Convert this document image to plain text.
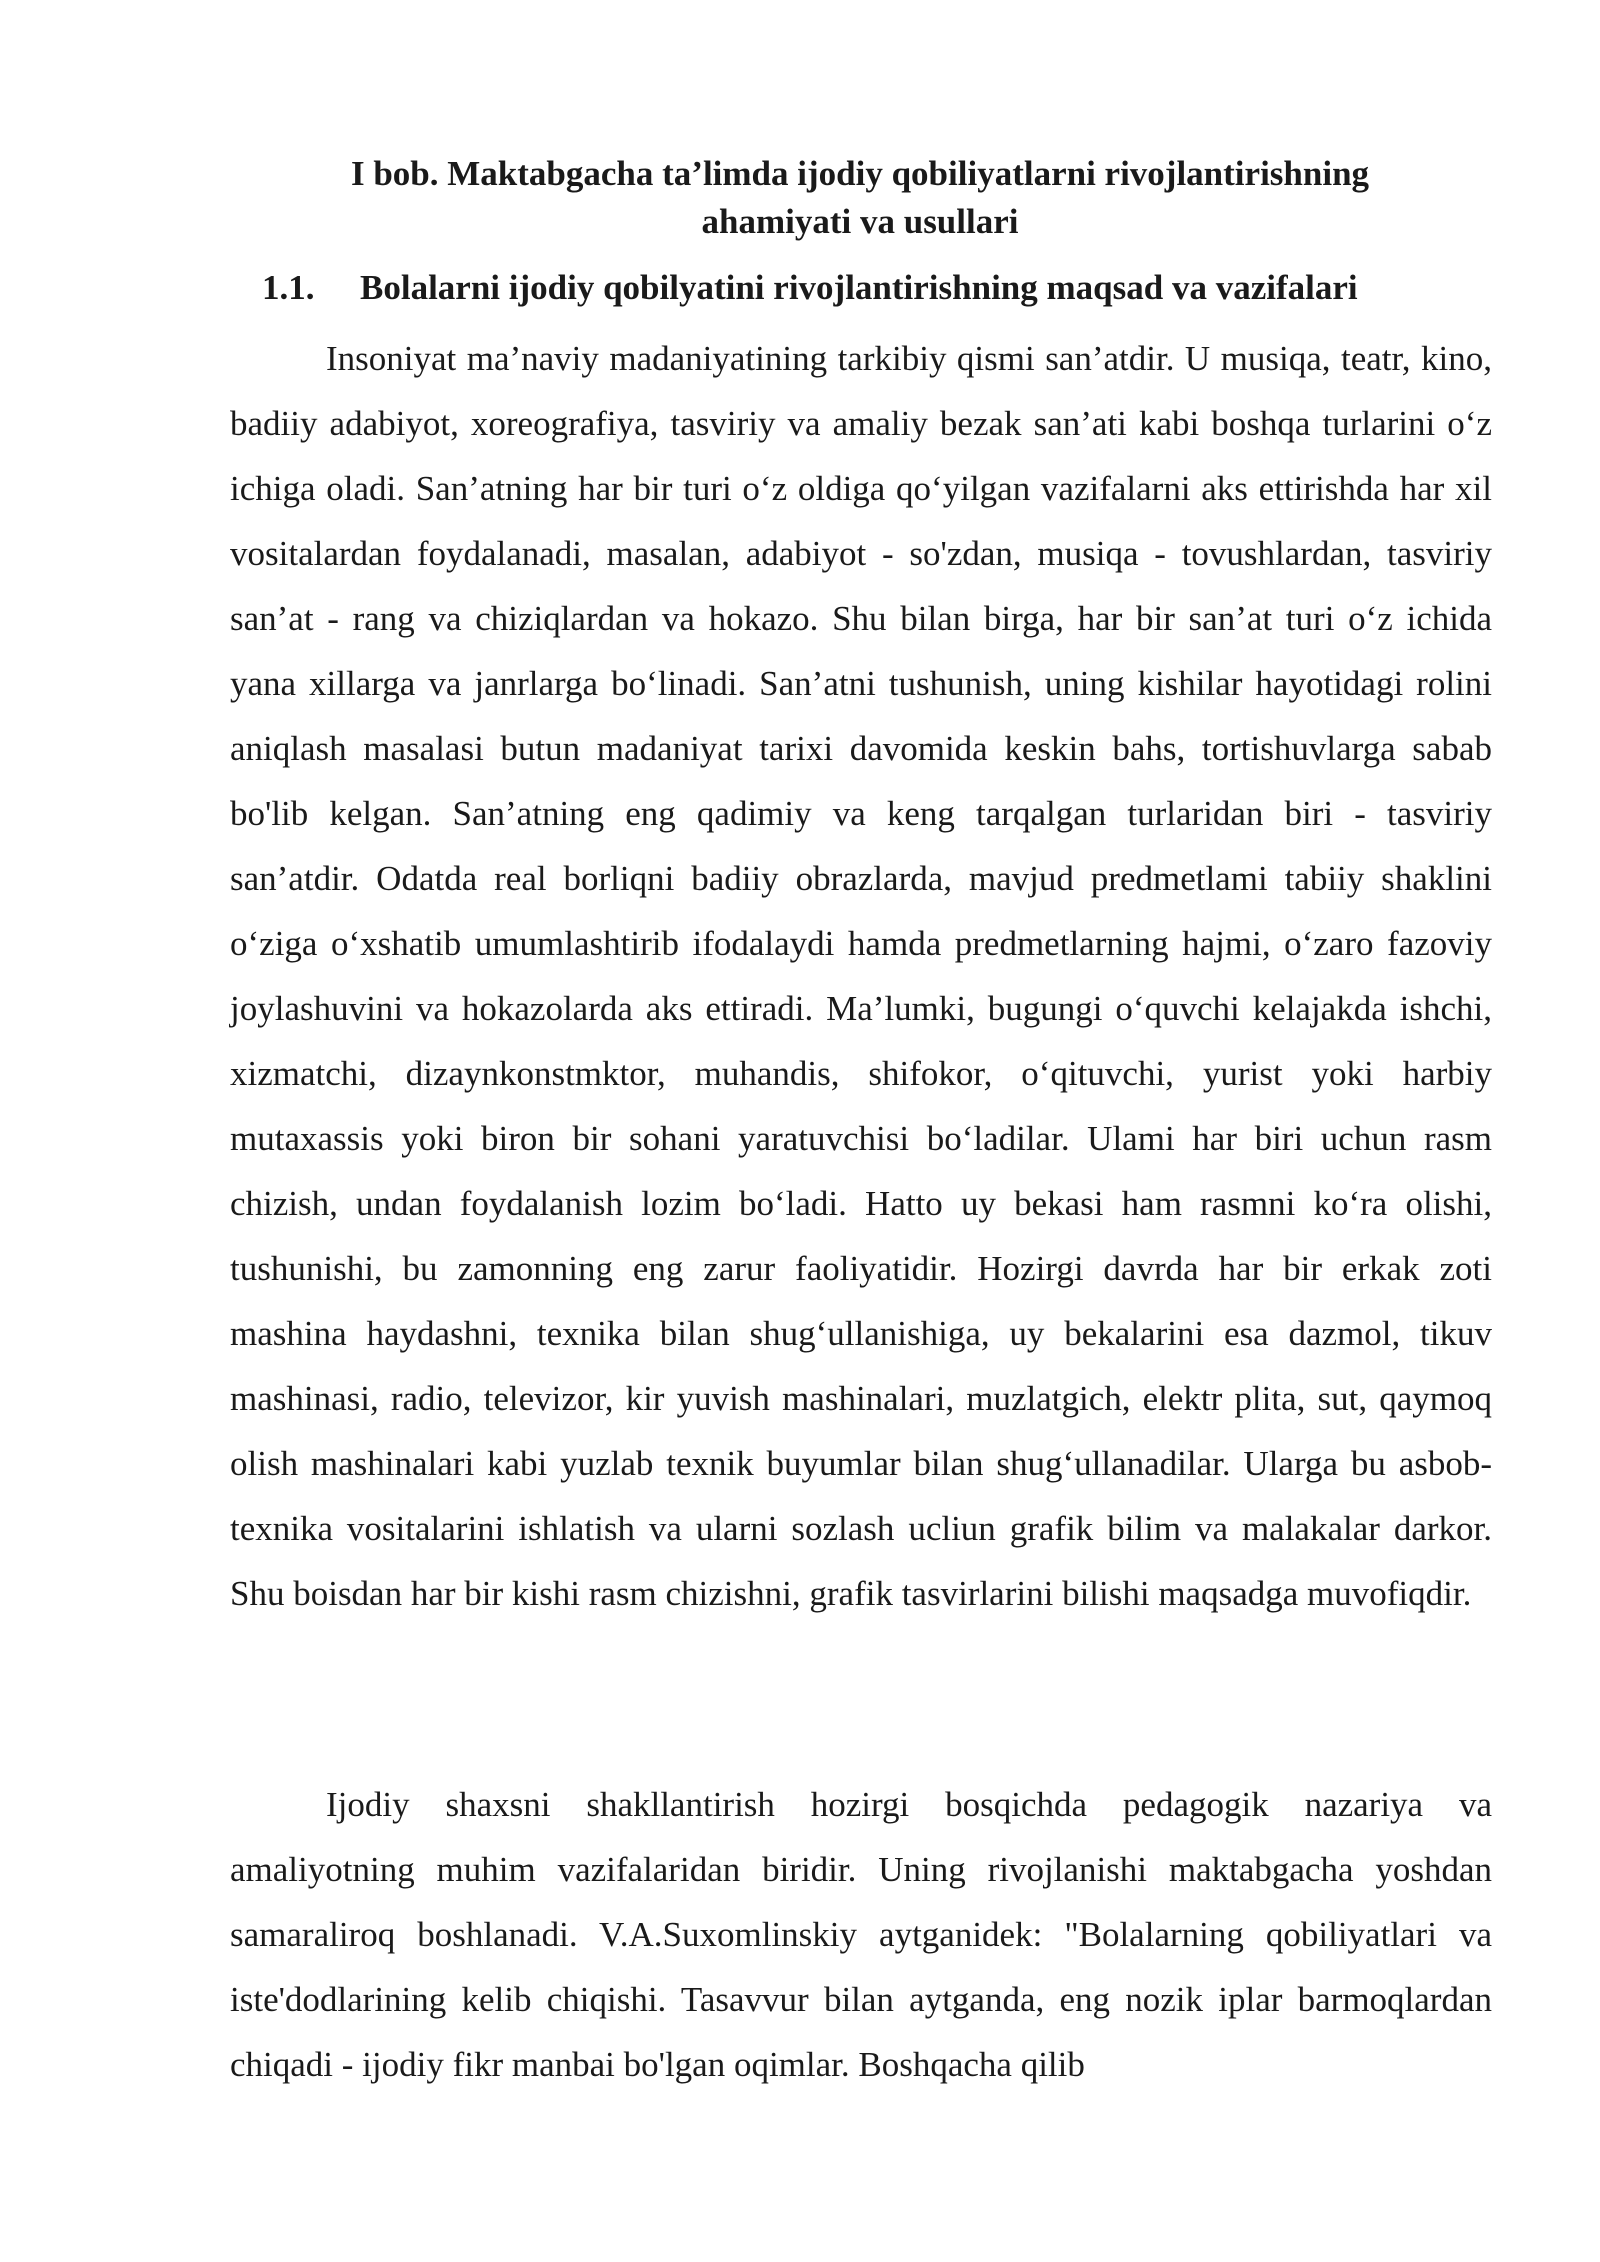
I bob. Maktabgacha ta’limda ijodiy qobiliyatlarni rivojlantirishning
ahamiyati va usullari
1.1. Bolalarni ijodiy qobilyatini rivojlantirishning maqsad va vazifalari

Insoniyat ma’naviy madaniyatining tarkibiy qismi san’atdir. U musiqa, teatr, kino, badiiy adabiyot, xoreografiya, tasviriy va amaliy bezak san’ati kabi boshqa turlarini o‘z ichiga oladi. San’atning har bir turi o‘z oldiga qo‘yilgan vazifalarni aks ettirishda har xil vositalardan foydalanadi, masalan, adabiyot - so'zdan, musiqa - tovushlardan, tasviriy san’at - rang va chiziqlardan va hokazo. Shu bilan birga, har bir san’at turi o‘z ichida yana xillarga va janrlarga bo‘linadi. San’atni tushunish, uning kishilar hayotidagi rolini aniqlash masalasi butun madaniyat tarixi davomida keskin bahs, tortishuvlarga sabab bo'lib kelgan. San’atning eng qadimiy va keng tarqalgan turlaridan biri - tasviriy san’atdir. Odatda real borliqni badiiy obrazlarda, mavjud predmetlami tabiiy shaklini o‘ziga o‘xshatib umumlashtirib ifodalaydi hamda predmetlarning hajmi, o‘zaro fazoviy joylashuvini va hokazolarda aks ettiradi. Ma’lumki, bugungi o‘quvchi kelajakda ishchi, xizmatchi, dizaynkonstmktor, muhandis, shifokor, o‘qituvchi, yurist yoki harbiy mutaxassis yoki biron bir sohani yaratuvchisi bo‘ladilar. Ulami har biri uchun rasm chizish, undan foydalanish lozim bo‘ladi. Hatto uy bekasi ham rasmni ko‘ra olishi, tushunishi, bu zamonning eng zarur faoliyatidir. Hozirgi davrda har bir erkak zoti mashina haydashni, texnika bilan shug‘ullanishiga, uy bekalarini esa dazmol, tikuv mashinasi, radio, televizor, kir yuvish mashinalari, muzlatgich, elektr plita, sut, qaymoq olish mashinalari kabi yuzlab texnik buyumlar bilan shug‘ullanadilar. Ularga bu asbob-texnika vositalarini ishlatish va ularni sozlash ucliun grafik bilim va malakalar darkor. Shu boisdan har bir kishi rasm chizishni, grafik tasvirlarini bilishi maqsadga muvofiqdir.

Ijodiy shaxsni shakllantirish hozirgi bosqichda pedagogik nazariya va amaliyotning muhim vazifalaridan biridir. Uning rivojlanishi maktabgacha yoshdan samaraliroq boshlanadi. V.A.Suxomlinskiy aytganidek: "Bolalarning qobiliyatlari va iste'dodlarining kelib chiqishi. Tasavvur bilan aytganda, eng nozik iplar barmoqlardan chiqadi - ijodiy fikr manbai bo'lgan oqimlar. Boshqacha qilib
